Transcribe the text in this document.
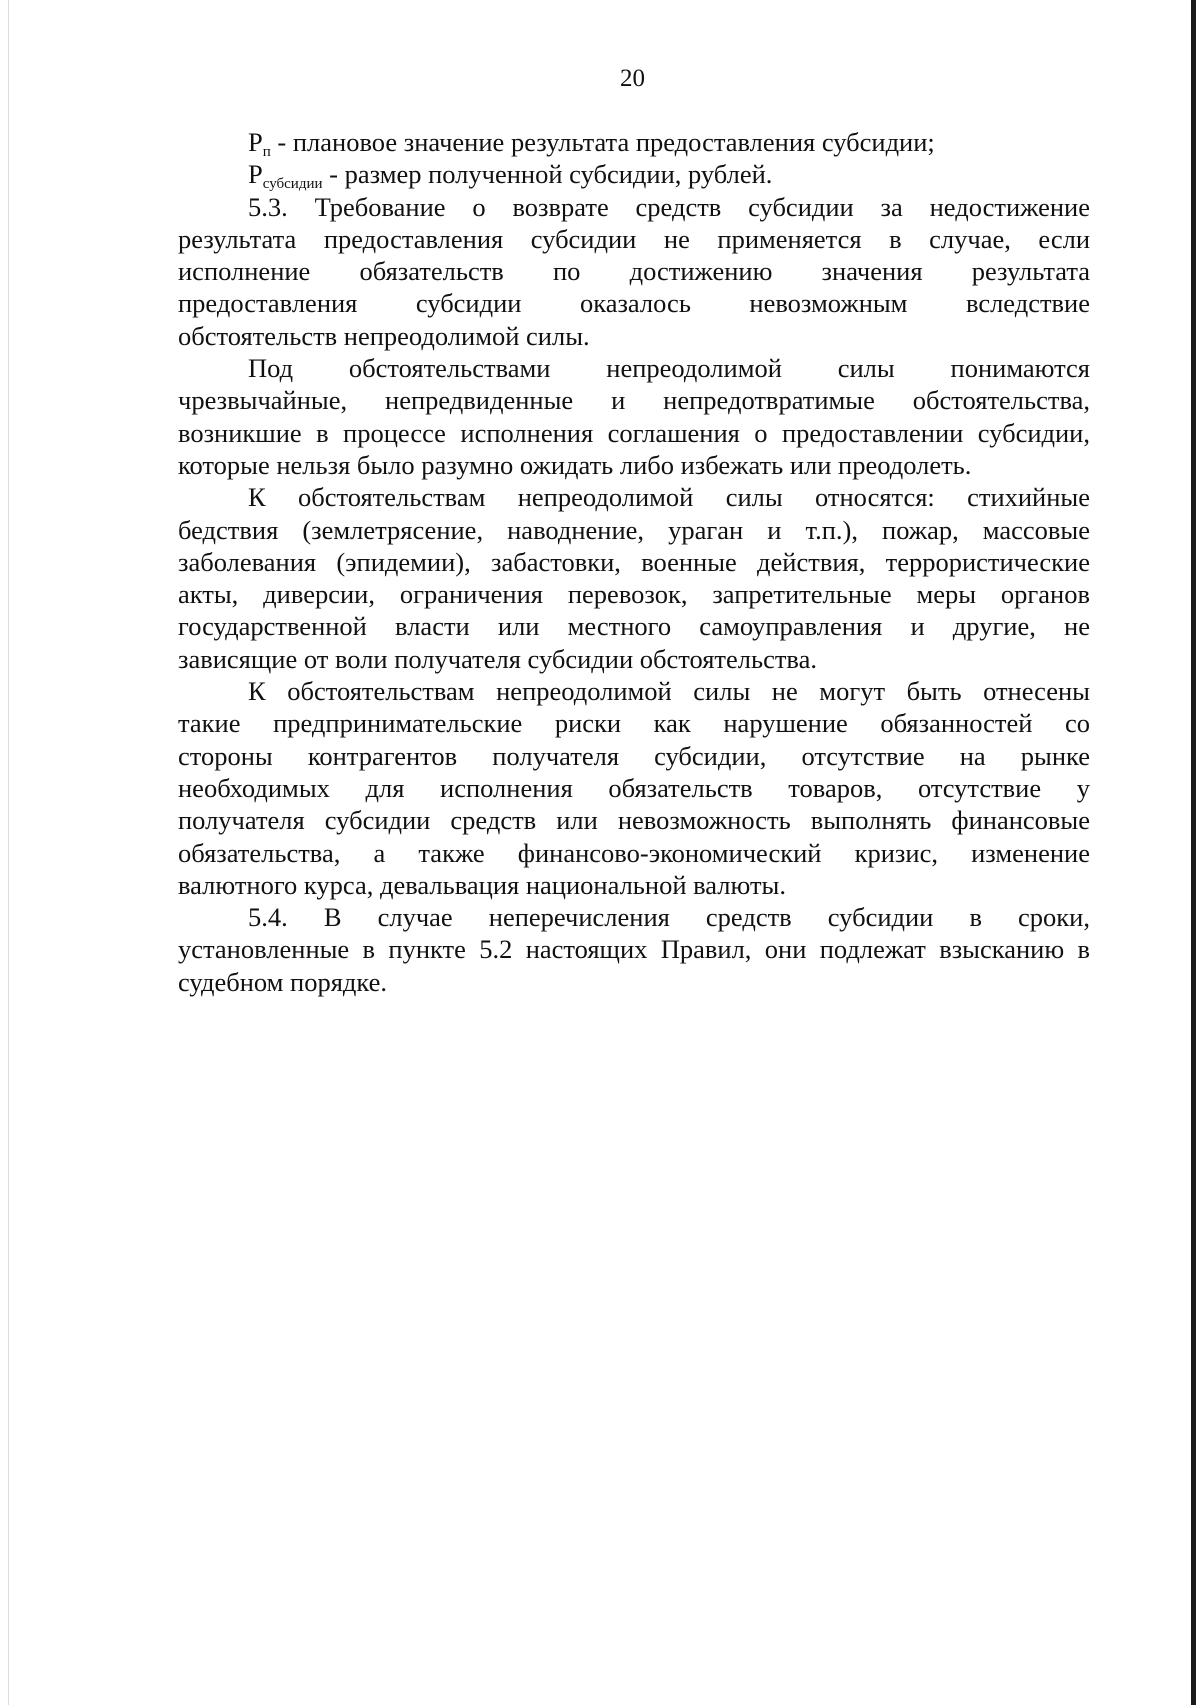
20
$P_п$ - плановое значение результата предоставления субсидии;
$P_{субсидии}$ - размер полученной субсидии, рублей.
5.3. Требование о возврате средств субсидии за недостижение
результата предоставления субсидии не применяется в случае, если
исполнение обязательств по достижению значения результата
предоставления субсидии оказалось невозможным вследствие
обстоятельств непреодолимой силы.
Под обстоятельствами непреодолимой силы понимаются
чрезвычайные, непредвиденные и непредотвратимые обстоятельства,
возникшие в процессе исполнения соглашения о предоставлении субсидии,
которые нельзя было разумно ожидать либо избежать или преодолеть.
К обстоятельствам непреодолимой силы относятся: стихийные
бедствия (землетрясение, наводнение, ураган и т.п.), пожар, массовые
заболевания (эпидемии), забастовки, военные действия, террористические
акты, диверсии, ограничения перевозок, запретительные меры органов
государственной власти или местного самоуправления и другие, не
зависящие от воли получателя субсидии обстоятельства.
К обстоятельствам непреодолимой силы не могут быть отнесены
такие предпринимательские риски как нарушение обязанностей со
стороны контрагентов получателя субсидии, отсутствие на рынке
необходимых для исполнения обязательств товаров, отсутствие у
получателя субсидии средств или невозможность выполнять финансовые
обязательства, а также финансово-экономический кризис, изменение
валютного курса, девальвация национальной валюты.
5.4. В случае неперечисления средств субсидии в сроки,
установленные в пункте 5.2 настоящих Правил, они подлежат взысканию в
судебном порядке.
